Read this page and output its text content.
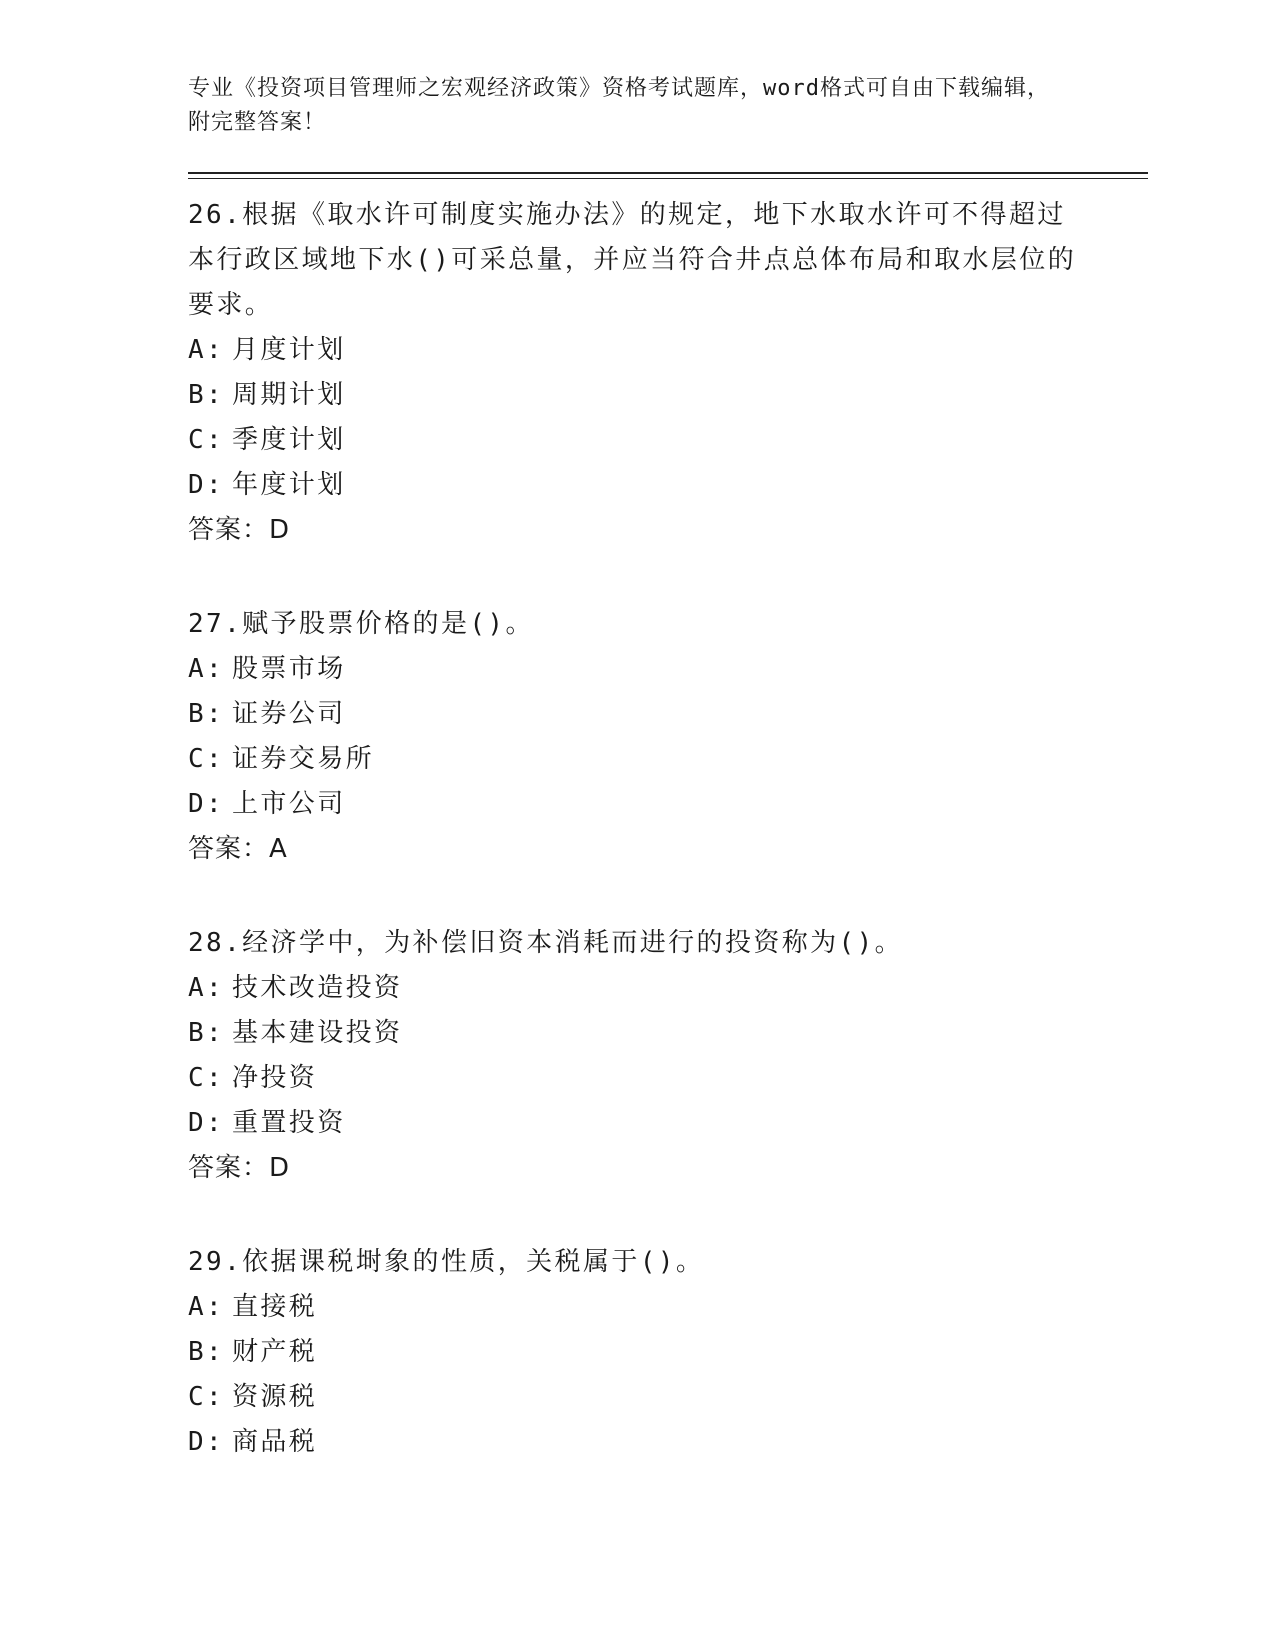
专业《投资项目管理师之宏观经济政策》资格考试题库，word格式可自由下载编辑，附完整答案！

26.根据《取水许可制度实施办法》的规定，地下水取水许可不得超过本行政区域地下水()可采总量，并应当符合井点总体布局和取水层位的要求。

A: 月度计划

B: 周期计划

C: 季度计划

D: 年度计划

答案：D

27.赋予股票价格的是()。

A: 股票市场

B: 证券公司

C: 证券交易所

D: 上市公司

答案：A

28.经济学中，为补偿旧资本消耗而进行的投资称为()。

A: 技术改造投资

B: 基本建设投资

C: 净投资

D: 重置投资

答案：D

29.依据课税埘象的性质，关税属于()。

A: 直接税

B: 财产税

C: 资源税

D: 商品税
